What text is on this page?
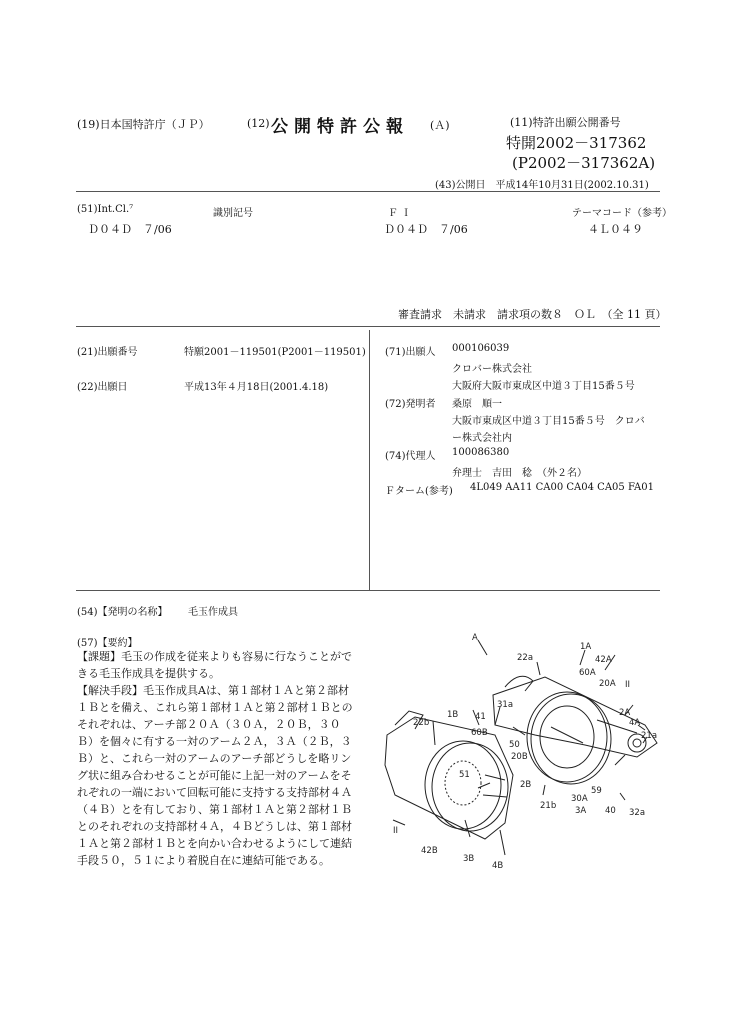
(19)日本国特許庁（ＪＰ）	(12) 公開特許公報 (Ａ)	(11)特許出願公開番号
特開2002－317362
(P2002－317362A)
(43)公開日　平成14年10月31日(2002.10.31)
(51)Int.Cl.⁷	識別記号	Ｆ Ｉ	テーマコード（参考）
Ｄ０４Ｄ　７/06	Ｄ０４Ｄ　７/06	４Ｌ０４９
審査請求　未請求　請求項の数８　ＯＬ　（全 11 頁）
(21)出願番号	特願2001－119501(P2001－119501)
(22)出願日	平成13年４月18日(2001.4.18)
(71)出願人 000106039
クロバー株式会社
大阪府大阪市東成区中道３丁目15番５号
(72)発明者 桑原　順一
大阪市東成区中道３丁目15番５号　クロバ
ー株式会社内
(74)代理人 100086380
弁理士　吉田　稔　（外２名）
Ｆターム(参考) 4L049 AA11 CA00 CA04 CA05 FA01
(54)【発明の名称】 毛玉作成具
(57)【要約】
【課題】毛玉の作成を従来よりも容易に行なうことがで
きる毛玉作成具を提供する。
【解決手段】毛玉作成具Aは、第１部材１Ａと第２部材
１Ｂとを備え、これら第１部材１Ａと第２部材１Ｂとの
それぞれは、アーチ部２０Ａ（３０Ａ，２０Ｂ，３０
Ｂ）を個々に有する一対のアーム２Ａ，３Ａ（２Ｂ，３
Ｂ）と、これら一対のアームのアーチ部どうしを略リン
グ状に組み合わせることが可能に上記一対のアームをそ
れぞれの一端において回転可能に支持する支持部材４Ａ
（４Ｂ）とを有しており、第１部材１Ａと第２部材１Ｂ
とのそれぞれの支持部材４Ａ，４Ｂどうしは、第１部材
１Ａと第２部材１Ｂとを向かい合わせるようにして連結
手段５０，５１により着脱自在に連結可能である。
A
1A
22a	42A
II
60A
20A
2A
4A
21a
41
31a
1B
22b
60B
50
20B
51
59
2B
21b
30A
3A 40 32a
II
42B
3B
4B
